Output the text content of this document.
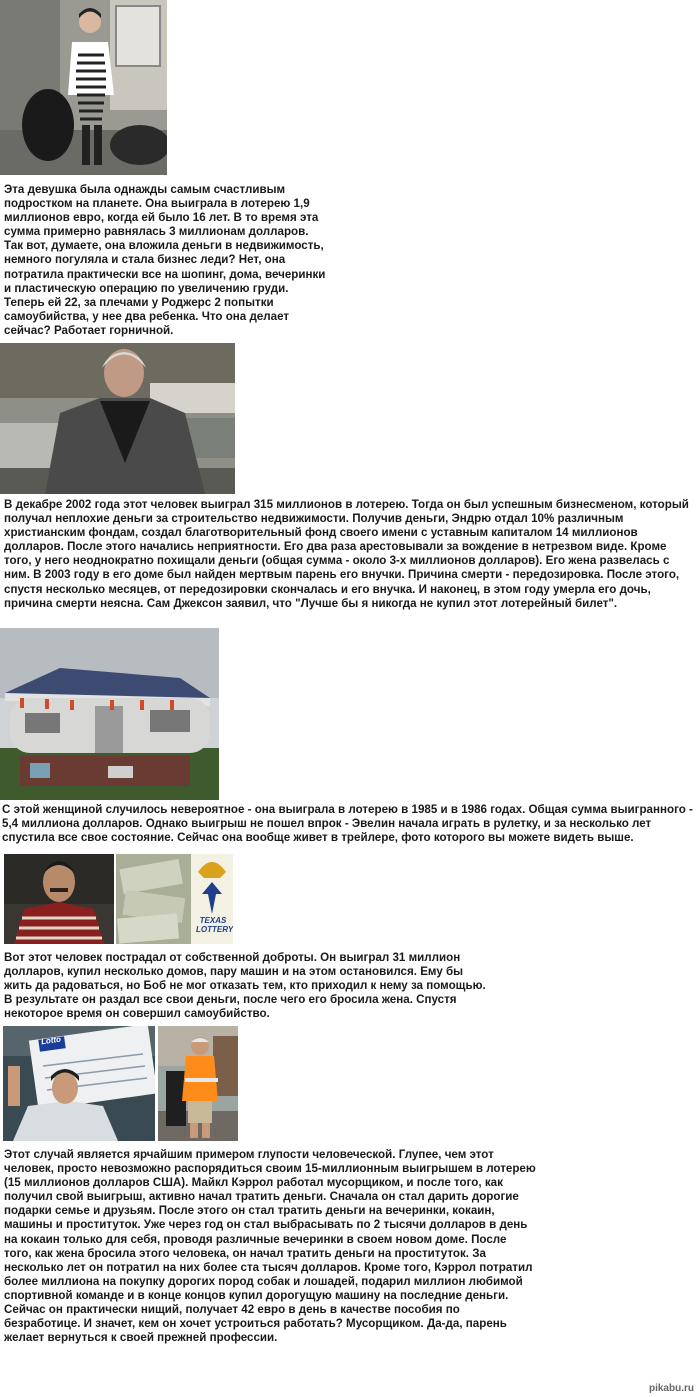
Эта девушка была однажды самым счастливым подростком на планете. Она выиграла в лотерею 1,9 миллионов евро, когда ей было 16 лет. В то время эта сумма примерно равнялась 3 миллионам долларов. Так вот, думаете, она вложила деньги в недвижимость, немного погуляла и стала бизнес леди? Нет, она потратила практически все на шопинг, дома, вечеринки и пластическую операцию по увеличению груди. Теперь ей 22, за плечами у Роджерс 2 попытки самоубийства, у нее два ребенка. Что она делает сейчас? Работает горничной.

В декабре 2002 года этот человек выиграл 315 миллионов в лотерею. Тогда он был успешным бизнесменом, который получал неплохие деньги за строительство недвижимости. Получив деньги, Эндрю отдал 10% различным христианским фондам, создал благотворительный фонд своего имени с уставным капиталом 14 миллионов долларов. После этого начались неприятности. Его два раза арестовывали за вождение в нетрезвом виде. Кроме того, у него неоднократно похищали деньги (общая сумма - около 3-х миллионов долларов). Его жена развелась с ним. В 2003 году в его доме был найден мертвым парень его внучки. Причина смерти - передозировка. После этого, спустя несколько месяцев, от передозировки скончалась и его внучка. И наконец, в этом году умерла его дочь, причина смерти неясна. Сам Джексон заявил, что "Лучше бы я никогда не купил этот лотерейный билет".

С этой женщиной случилось невероятное - она выиграла в лотерею в 1985 и в 1986 годах. Общая сумма выигранного - 5,4 миллиона долларов. Однако выигрыш не пошел впрок - Эвелин начала играть в рулетку, и за несколько лет спустила все свое состояние. Сейчас она вообще живет в трейлере, фото которого вы можете видеть выше.

TEXAS LOTTERY

Вот этот человек пострадал от собственной доброты. Он выиграл 31 миллион долларов, купил несколько домов, пару машин и на этом остановился. Ему бы жить да радоваться, но Боб не мог отказать тем, кто приходил к нему за помощью. В результате он раздал все свои деньги, после чего его бросила жена. Спустя некоторое время он совершил самоубийство.

Lotto

Этот случай является ярчайшим примером глупости человеческой. Глупее, чем этот человек, просто невозможно распорядиться своим 15-миллионным выигрышем в лотерею (15 миллионов долларов США). Майкл Кэррол работал мусорщиком, и после того, как получил свой выигрыш, активно начал тратить деньги. Сначала он стал дарить дорогие подарки семье и друзьям. После этого он стал тратить деньги на вечеринки, кокаин, машины и проституток. Уже через год он стал выбрасывать по 2 тысячи долларов в день на кокаин только для себя, проводя различные вечеринки в своем новом доме. После того, как жена бросила этого человека, он начал тратить деньги на проституток. За несколько лет он потратил на них более ста тысяч долларов. Кроме того, Кэррол потратил более миллиона на покупку дорогих пород собак и лошадей, подарил миллион любимой спортивной команде и в конце концов купил дорогущую машину на последние деньги. Сейчас он практически нищий, получает 42 евро в день в качестве пособия по безработице. И значет, кем он хочет устроиться работать? Мусорщиком. Да-да, парень желает вернуться к своей прежней профессии.

pikabu.ru
